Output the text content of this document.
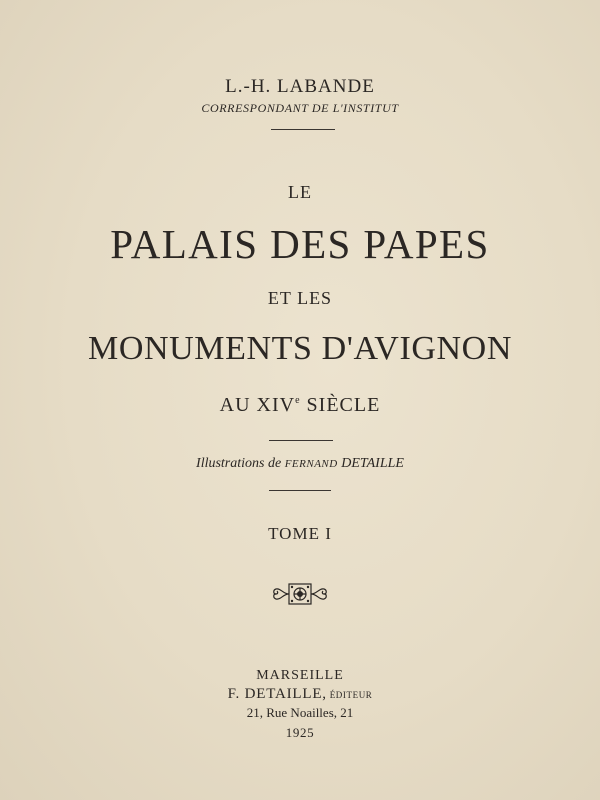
L.-H. LABANDE
CORRESPONDANT DE L'INSTITUT
LE
PALAIS DES PAPES
ET LES
MONUMENTS D'AVIGNON
AU XIVe SIÈCLE
Illustrations de FERNAND DETAILLE
TOME I
MARSEILLE
F. DETAILLE, ÉDITEUR
21, Rue Noailles, 21
1925
